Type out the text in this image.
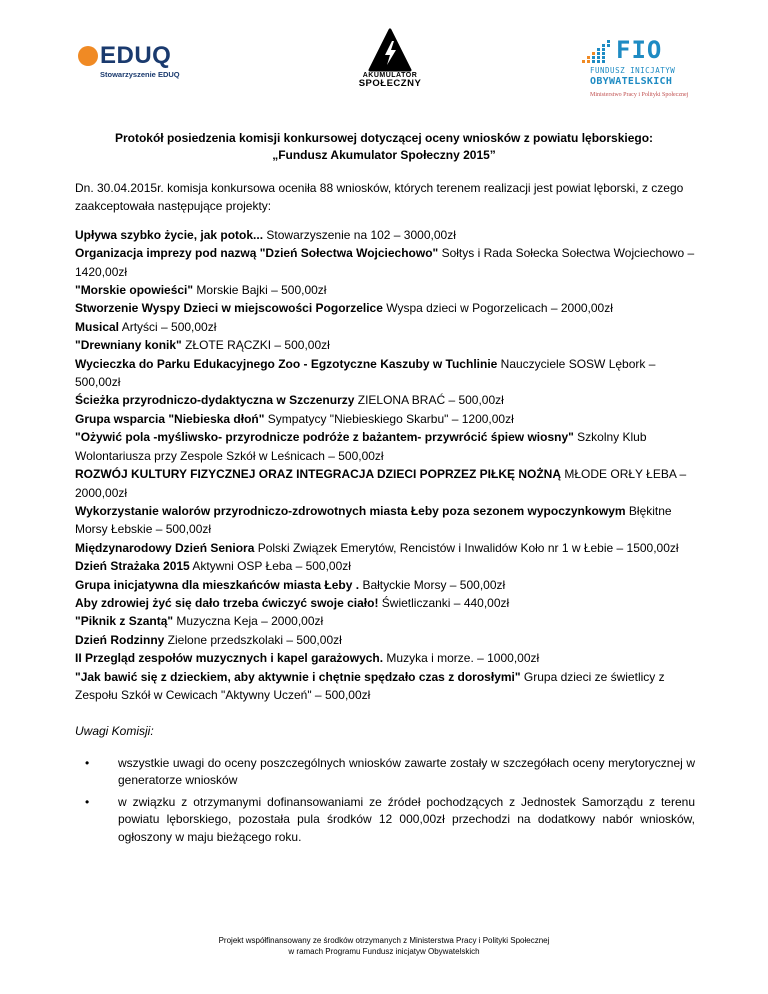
EDUQ
Stowarzyszenie EDUQ	AKUMULATOR
SPOŁECZNY
FIO
FUNDUSZ INICJATYW
OBYWATELSKICH
Ministerstwo Pracy i Polityki Społecznej
Protokół posiedzenia komisji konkursowej dotyczącej oceny wniosków z powiatu lęborskiego:
„Fundusz Akumulator Społeczny 2015”

Dn. 30.04.2015r. komisja konkursowa oceniła 88 wniosków, których terenem realizacji jest powiat lęborski, z czego zaakceptowała następujące projekty:

Upływa szybko życie, jak potok... Stowarzyszenie na 102 – 3000,00zł
Organizacja imprezy pod nazwą "Dzień Sołectwa Wojciechowo" Sołtys i Rada Sołecka Sołectwa Wojciechowo – 1420,00zł
"Morskie opowieści" Morskie Bajki – 500,00zł
Stworzenie Wyspy Dzieci w miejscowości Pogorzelice Wyspa dzieci w Pogorzelicach – 2000,00zł
Musical Artyści – 500,00zł
"Drewniany konik" ZŁOTE RĄCZKI – 500,00zł
Wycieczka do Parku Edukacyjnego Zoo - Egzotyczne Kaszuby w Tuchlinie Nauczyciele SOSW Lębork – 500,00zł
Ścieżka przyrodniczo-dydaktyczna w Szczenurzy ZIELONA BRAĆ – 500,00zł
Grupa wsparcia "Niebieska dłoń" Sympatycy "Niebieskiego Skarbu" – 1200,00zł
"Ożywić pola -myśliwsko- przyrodnicze podróże z bażantem- przywrócić śpiew wiosny" Szkolny Klub Wolontariusza przy Zespole Szkół w Leśnicach – 500,00zł
ROZWÓJ KULTURY FIZYCZNEJ ORAZ INTEGRACJA DZIECI POPRZEZ PIŁKĘ NOŻNĄ MŁODE ORŁY ŁEBA – 2000,00zł
Wykorzystanie walorów przyrodniczo-zdrowotnych miasta Łeby poza sezonem wypoczynkowym Błękitne Morsy Łebskie – 500,00zł
Międzynarodowy Dzień Seniora Polski Związek Emerytów, Rencistów i Inwalidów Koło nr 1 w Łebie – 1500,00zł
Dzień Strażaka 2015 Aktywni OSP Łeba – 500,00zł
Grupa inicjatywna dla mieszkańców miasta Łeby . Bałtyckie Morsy – 500,00zł
Aby zdrowiej żyć się dało trzeba ćwiczyć swoje ciało! Świetliczanki – 440,00zł
"Piknik z Szantą" Muzyczna Keja – 2000,00zł
Dzień Rodzinny Zielone przedszkolaki – 500,00zł
II Przegląd zespołów muzycznych i kapel garażowych. Muzyka i morze. – 1000,00zł
"Jak bawić się z dzieckiem, aby aktywnie i chętnie spędzało czas z dorosłymi" Grupa dzieci ze świetlicy z Zespołu Szkół w Cewicach "Aktywny Uczeń" – 500,00zł

Uwagi Komisji:

• wszystkie uwagi do oceny poszczególnych wniosków zawarte zostały w szczegółach oceny merytorycznej w generatorze wniosków
• w związku z otrzymanymi dofinansowaniami ze źródeł pochodzących z Jednostek Samorządu z terenu powiatu lęborskiego, pozostała pula środków 12 000,00zł przechodzi na dodatkowy nabór wniosków, ogłoszony w maju bieżącego roku.
Projekt współfinansowany ze środków otrzymanych z Ministerstwa Pracy i Polityki Społecznej
w ramach Programu Fundusz inicjatyw Obywatelskich
